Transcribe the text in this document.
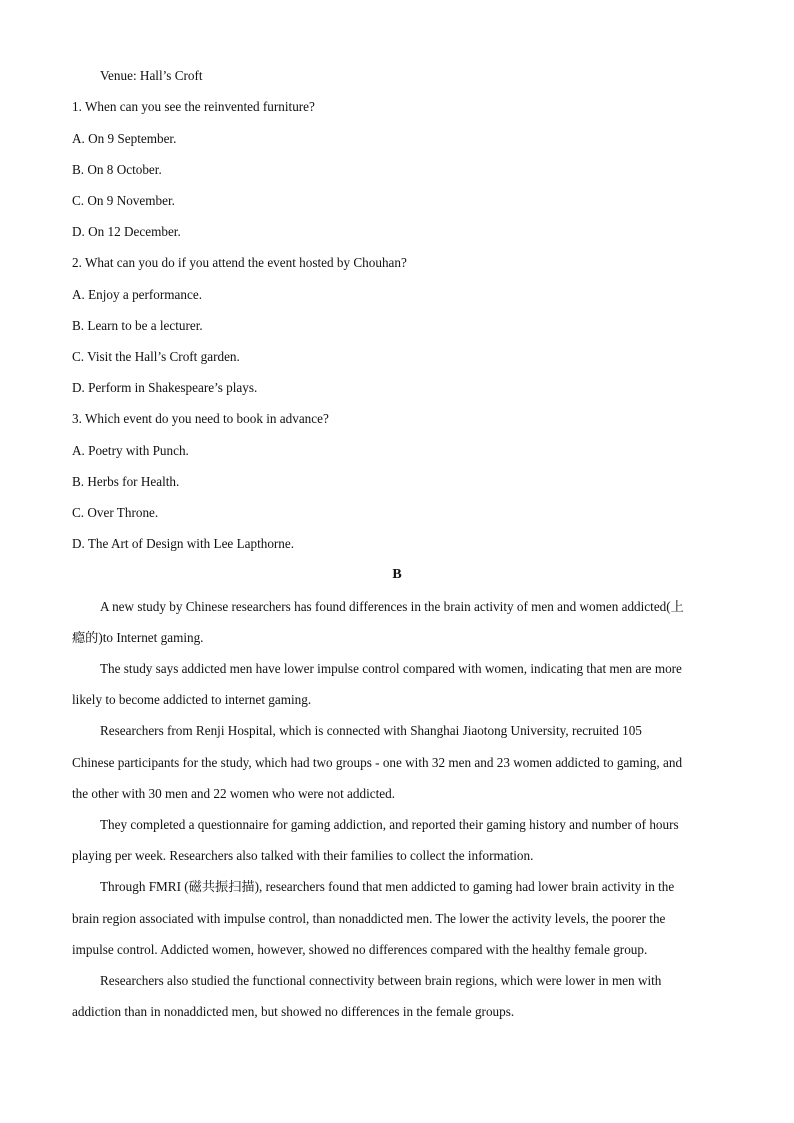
Venue: Hall’s Croft
1. When can you see the reinvented furniture?
A. On 9 September.
B. On 8 October.
C. On 9 November.
D. On 12 December.
2. What can you do if you attend the event hosted by Chouhan?
A. Enjoy a performance.
B. Learn to be a lecturer.
C. Visit the Hall’s Croft garden.
D. Perform in Shakespeare’s plays.
3. Which event do you need to book in advance?
A. Poetry with Punch.
B. Herbs for Health.
C. Over Throne.
D. The Art of Design with Lee Lapthorne.
B
A new study by Chinese researchers has found differences in the brain activity of men and women addicted(上
瘾的)to Internet gaming.
The study says addicted men have lower impulse control compared with women, indicating that men are more
likely to become addicted to internet gaming.
Researchers from Renji Hospital, which is connected with Shanghai Jiaotong University, recruited 105
Chinese participants for the study, which had two groups - one with 32 men and 23 women addicted to gaming, and
the other with 30 men and 22 women who were not addicted.
They completed a questionnaire for gaming addiction, and reported their gaming history and number of hours
playing per week. Researchers also talked with their families to collect the information.
Through FMRI (磁共振扫描), researchers found that men addicted to gaming had lower brain activity in the
brain region associated with impulse control, than nonaddicted men. The lower the activity levels, the poorer the
impulse control. Addicted women, however, showed no differences compared with the healthy female group.
Researchers also studied the functional connectivity between brain regions, which were lower in men with
addiction than in nonaddicted men, but showed no differences in the female groups.
